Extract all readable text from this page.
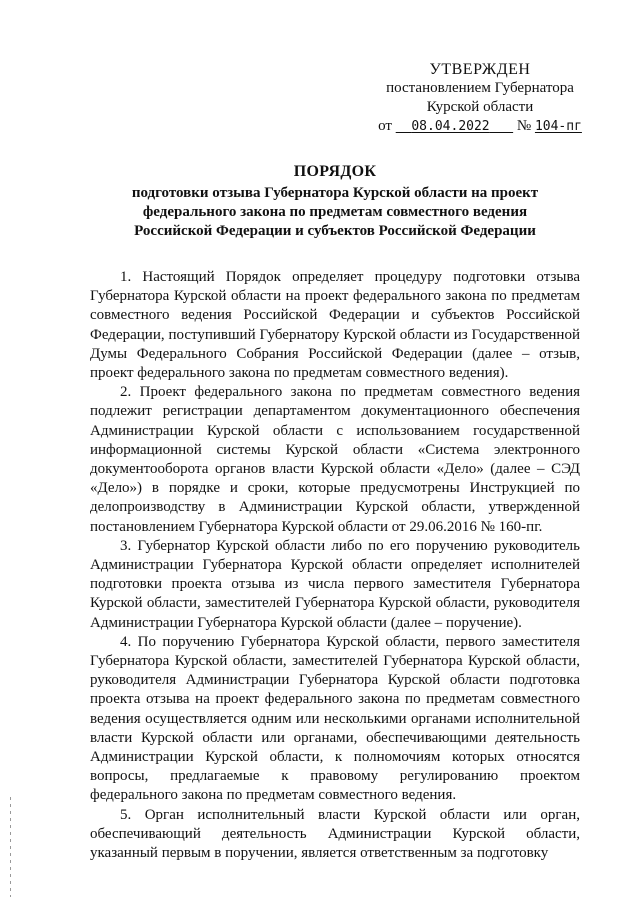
УТВЕРЖДЕН
постановлением Губернатора
Курской области
от 08.04.2022 № 104-пг
ПОРЯДОК
подготовки отзыва Губернатора Курской области на проект федерального закона по предметам совместного ведения Российской Федерации и субъектов Российской Федерации

1. Настоящий Порядок определяет процедуру подготовки отзыва Губернатора Курской области на проект федерального закона по предметам совместного ведения Российской Федерации и субъектов Российской Федерации, поступивший Губернатору Курской области из Государственной Думы Федерального Собрания Российской Федерации (далее – отзыв, проект федерального закона по предметам совместного ведения).

2. Проект федерального закона по предметам совместного ведения подлежит регистрации департаментом документационного обеспечения Администрации Курской области с использованием государственной информационной системы Курской области «Система электронного документооборота органов власти Курской области «Дело» (далее – СЭД «Дело») в порядке и сроки, которые предусмотрены Инструкцией по делопроизводству в Администрации Курской области, утвержденной постановлением Губернатора Курской области от 29.06.2016 № 160-пг.

3. Губернатор Курской области либо по его поручению руководитель Администрации Губернатора Курской области определяет исполнителей подготовки проекта отзыва из числа первого заместителя Губернатора Курской области, заместителей Губернатора Курской области, руководителя Администрации Губернатора Курской области (далее – поручение).

4. По поручению Губернатора Курской области, первого заместителя Губернатора Курской области, заместителей Губернатора Курской области, руководителя Администрации Губернатора Курской области подготовка проекта отзыва на проект федерального закона по предметам совместного ведения осуществляется одним или несколькими органами исполнительной власти Курской области или органами, обеспечивающими деятельность Администрации Курской области, к полномочиям которых относятся вопросы, предлагаемые к правовому регулированию проектом федерального закона по предметам совместного ведения.

5. Орган исполнительный власти Курской области или орган, обеспечивающий деятельность Администрации Курской области, указанный первым в поручении, является ответственным за подготовку
